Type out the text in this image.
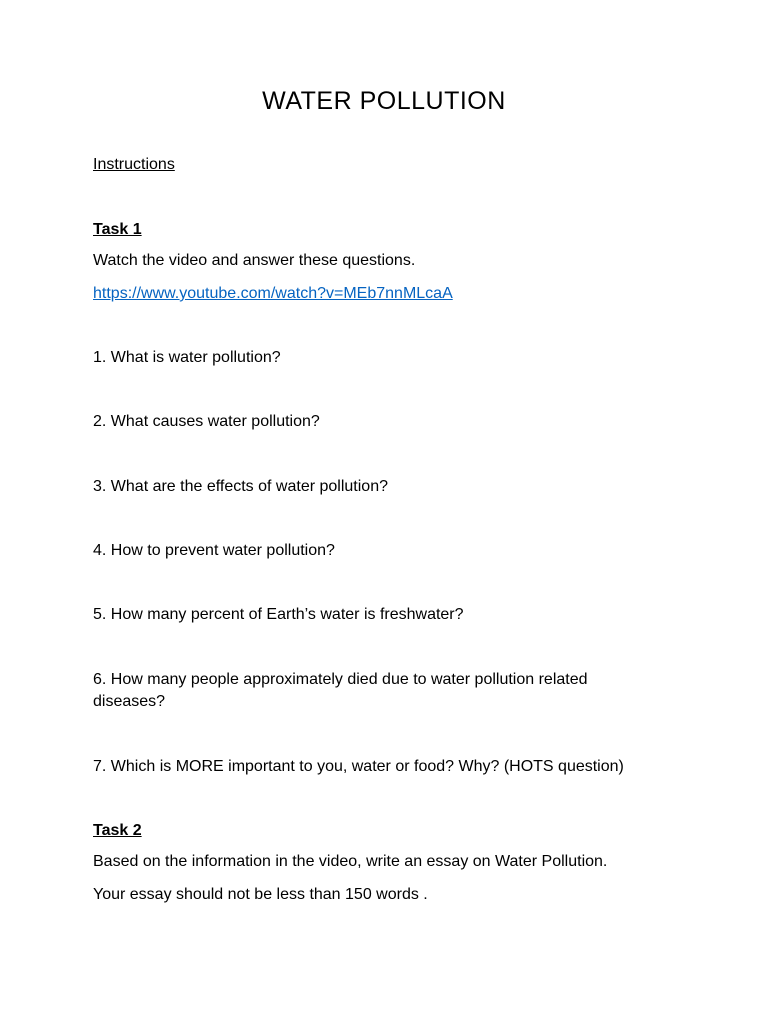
WATER POLLUTION
Instructions
Task 1
Watch the video and answer these questions.
https://www.youtube.com/watch?v=MEb7nnMLcaA
1. What is water pollution?
2. What causes water pollution?
3. What are the effects of water pollution?
4. How to prevent water pollution?
5. How many percent of Earth’s water is freshwater?
6. How many people approximately died due to water pollution related diseases?
7. Which is MORE important to you, water or food? Why? (HOTS question)
Task 2
Based on the information in the video, write an essay on Water Pollution.
Your essay should not be less than 150 words .
